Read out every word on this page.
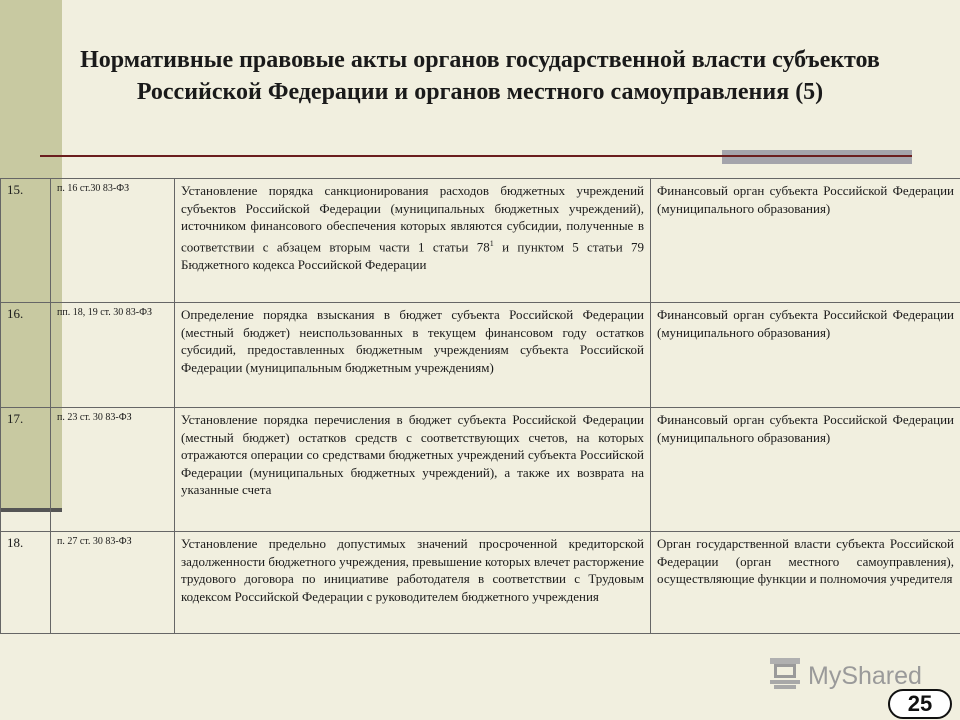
Нормативные правовые акты органов государственной власти субъектов Российской Федерации и органов местного самоуправления (5)
15.	п. 16 ст.30 83-ФЗ	Установление порядка санкционирования расходов бюджетных учреждений субъектов Российской Федерации (муниципальных бюджетных учреждений), источником финансового обеспечения которых являются субсидии, полученные в соответствии с абзацем вторым части 1 статьи $78^1$ и пунктом 5 статьи 79 Бюджетного кодекса Российской Федерации	Финансовый орган субъекта Российской Федерации (муниципального образования)
16.	пп. 18, 19 ст. 30 83-ФЗ	Определение порядка взыскания в бюджет субъекта Российской Федерации (местный бюджет) неиспользованных в текущем финансовом году остатков субсидий, предоставленных бюджетным учреждениям субъекта Российской Федерации (муниципальным бюджетным учреждениям)	Финансовый орган субъекта Российской Федерации (муниципального образования)
17.	п. 23 ст. 30 83-ФЗ	Установление порядка перечисления в бюджет субъекта Российской Федерации (местный бюджет) остатков средств с соответствующих счетов, на которых отражаются операции со средствами бюджетных учреждений субъекта Российской Федерации (муниципальных бюджетных учреждений), а также их возврата на указанные счета	Финансовый орган субъекта Российской Федерации (муниципального образования)
18.	п. 27 ст. 30 83-ФЗ	Установление предельно допустимых значений просроченной кредиторской задолженности бюджетного учреждения, превышение которых влечет расторжение трудового договора по инициативе работодателя в соответствии с Трудовым кодексом Российской Федерации с руководителем бюджетного учреждения	Орган государственной власти субъекта Российской Федерации (орган местного самоуправления), осуществляющие функции и полномочия учредителя
MyShared
25
